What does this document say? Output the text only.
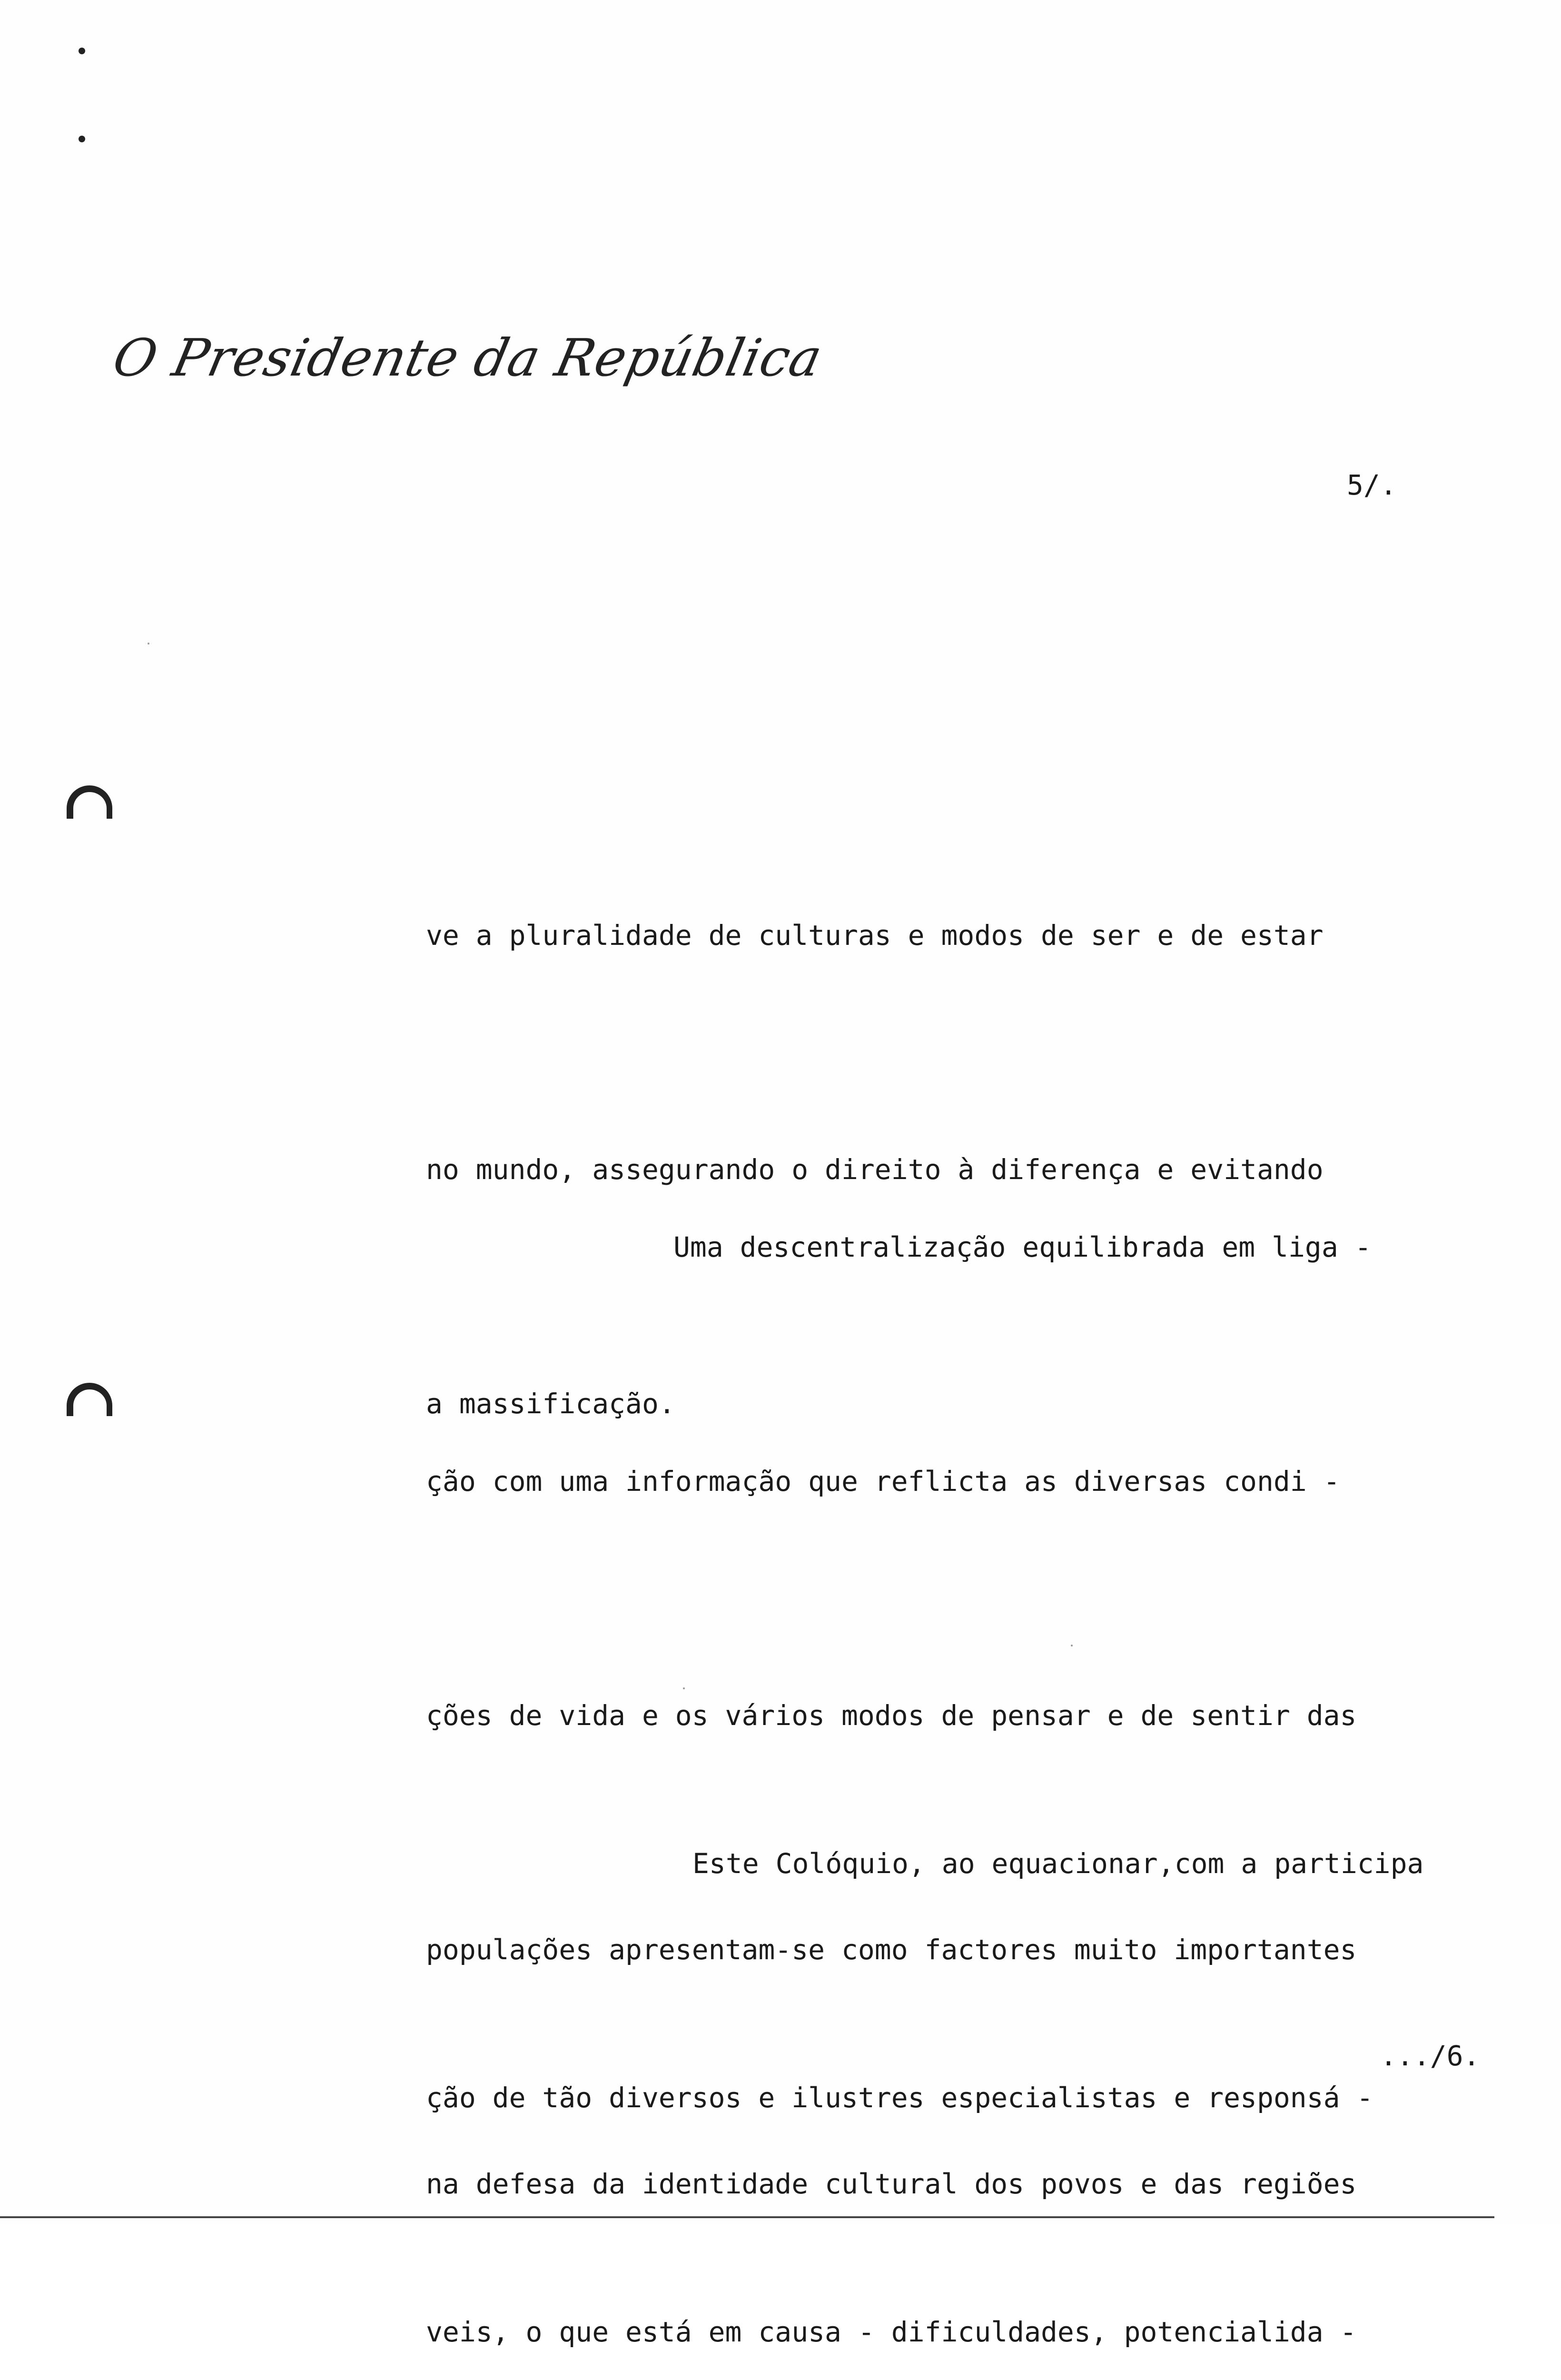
O Presidente da República
5/.

ve a pluralidade de culturas e modos de ser e de estar

no mundo, assegurando o direito à diferença e evitando

a massificação.

Uma descentralização equilibrada em liga -

ção com uma informação que reflicta as diversas condi -

ções de vida e os vários modos de pensar e de sentir das

populações apresentam-se como factores muito importantes

na defesa da identidade cultural dos povos e das regiões

Este Colóquio, ao equacionar,com a participa

ção de tão diversos e ilustres especialistas e responsá -

veis, o que está em causa - dificuldades, potencialida -

.../6.
